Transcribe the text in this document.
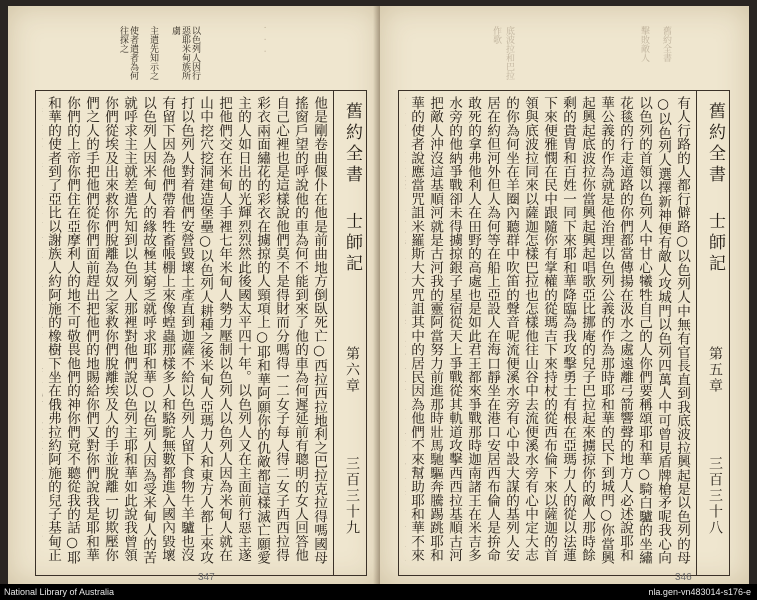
舊約全書
士師記
第六章
三百三十九
使者遣者為何往探之	主遣先知示之	以色列人因行惡耶米甸族所虜	·　·　·
他是剛卷曲偃仆在他是前曲地方倒臥死亡○西拉西拉地利之巴拉克拉得嗎國母搖窗戶望的呼說他的車為何不能到來了他的車為何遲延前有聰明的女人回答他自己心裡也是這樣說他們莫不是得財而分嗎得一二女子每人得二女子西西拉得彩衣兩面繡花的彩衣在擄掠的人頸項上○耶和華阿願你的仇敵都這樣滅亡願愛主的人如日出的光輝烈烈然此後國太平四十年。以色列人又在主面前行惡主遂把他們交在米甸人手裡七年米甸人勢力壓制以色列人以色列人因為米甸人就在山中挖穴挖洞建造堡壘○以色列人耕種之後米甸人亞瑪力人和東方人都上來攻打以色列人對着他們安營毀壞土產直到迦薩不給以色列人留下食物牛羊驢也沒有留下因為他們帶着牲畜帳棚上來像蝗蟲那樣多人和駱駝無數都進入國內毀壞以色列人因米甸人的緣故極其窮乏就呼求耶和華○以色列人因為受米甸人的苦就呼求主主就差遣先知到以色列人那裡對他們說以色列主耶和華如此說我曾領你們從埃及出來救你們脫離為奴之家救你們脫離埃及人的手並脫離一切欺壓你們之人的手把他們從你們面前趕出把他們的地賜給你們又對你們說我是耶和華你們的上帝你們住在亞摩利人的地不可敬畏他們的神你們竟不聽從我的話○耶和華的使者到了亞比以謝族人約阿施的橡樹下坐在俄弗拉約阿施的兒子基甸正
347
舊約全書
士師記
第五章
三百三十八
底波拉和巴拉作歌	擊敗敵人 舊約全書
有人行路的人都行僻路○以色列人中無有官長直到我底波拉興起是以色列的母○以色列人選擇新神便有敵人攻城門以色列四萬人中可曾見盾牌槍矛呢我心向以色列的首領以色列人中甘心犧牲自己的人你們要稱頌耶和華○騎白驢的坐繡花毯的行走道路的你們都當傳揚在汲水之處遠離弓箭響聲的地方人必述說耶和華公義的作為就是他治理以色列公義的作為那時耶和華的民下到城門○你當興起興起底波拉你當興起興起唱歌亞比挪庵的兒子巴拉起來擄掠你的敵人那時餘剩的貴冑和百姓一同下來耶和華降臨為我攻擊勇士有根在亞瑪力人的從以法蓮下來便雅憫在民中跟隨你有掌權的從瑪吉下來持杖的從西布倫下來以薩迦的首領與底波拉同來以薩迦怎樣巴拉也怎樣他往山谷中去流便溪水旁有心中定大志的你為何坐在羊圈內聽群中吹笛的聲音呢流便溪水旁有心中設大謀的基列人安居在約但河外但人為何等在船上亞設人在海口靜坐在港口安居西布倫人是拚命敢死的拿弗他利人在田野的高處也是如此君王都來爭戰那時迦南諸王在米吉多水旁的他納爭戰卻未得擄掠銀子星宿從天上爭戰從其軌道攻擊西西拉基順古河把敵人沖沒這基順河就是古河我的靈阿當努力前進那時壯馬馳驅奔騰踢跳耶和華的使者說應當咒詛米羅斯大大咒詛其中的居民因為他們不來幫助耶和華不來
346
National Library of Australia	nla.gen-vn483014-s176-e
